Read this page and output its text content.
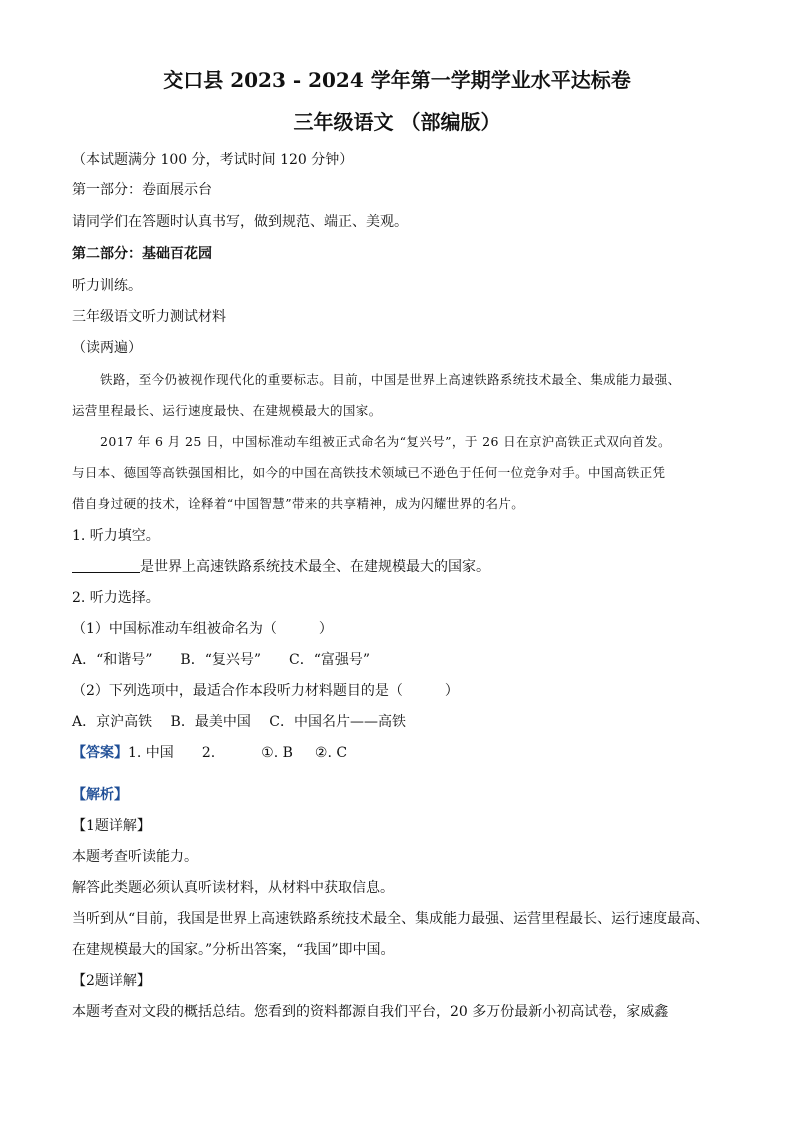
交口县 2023 - 2024 学年第一学期学业水平达标卷
三年级语文 （部编版）
（本试题满分 100 分，考试时间 120 分钟）
第一部分：卷面展示台
请同学们在答题时认真书写，做到规范、端正、美观。
第二部分：基础百花园
听力训练。
三年级语文听力测试材料
（读两遍）
铁路，至今仍被视作现代化的重要标志。目前，中国是世界上高速铁路系统技术最全、集成能力最强、
运营里程最长、运行速度最快、在建规模最大的国家。
2017 年 6 月 25 日，中国标准动车组被正式命名为“复兴号”，于 26 日在京沪高铁正式双向首发。
与日本、德国等高铁强国相比，如今的中国在高铁技术领域已不逊色于任何一位竞争对手。中国高铁正凭
借自身过硬的技术，诠释着“中国智慧”带来的共享精神，成为闪耀世界的名片。
1. 听力填空。
是世界上高速铁路系统技术最全、在建规模最大的国家。
2. 听力选择。
（1）中国标准动车组被命名为（　　　）
A．“和谐号”　　B．“复兴号”　　C．“富强号”
（2）下列选项中，最适合作本段听力材料题目的是（　　　）
A．京沪高铁　 B．最美中国　 C．中国名片——高铁
【答案】1. 中国 2.	①. B ②. C
【解析】
【1题详解】
本题考查听读能力。
解答此类题必须认真听读材料，从材料中获取信息。
当听到从“目前，我国是世界上高速铁路系统技术最全、集成能力最强、运营里程最长、运行速度最高、
在建规模最大的国家。”分析出答案，“我国”即中国。
【2题详解】
本题考查对文段的概括总结。您看到的资料都源自我们平台，20 多万份最新小初高试卷，家威鑫
